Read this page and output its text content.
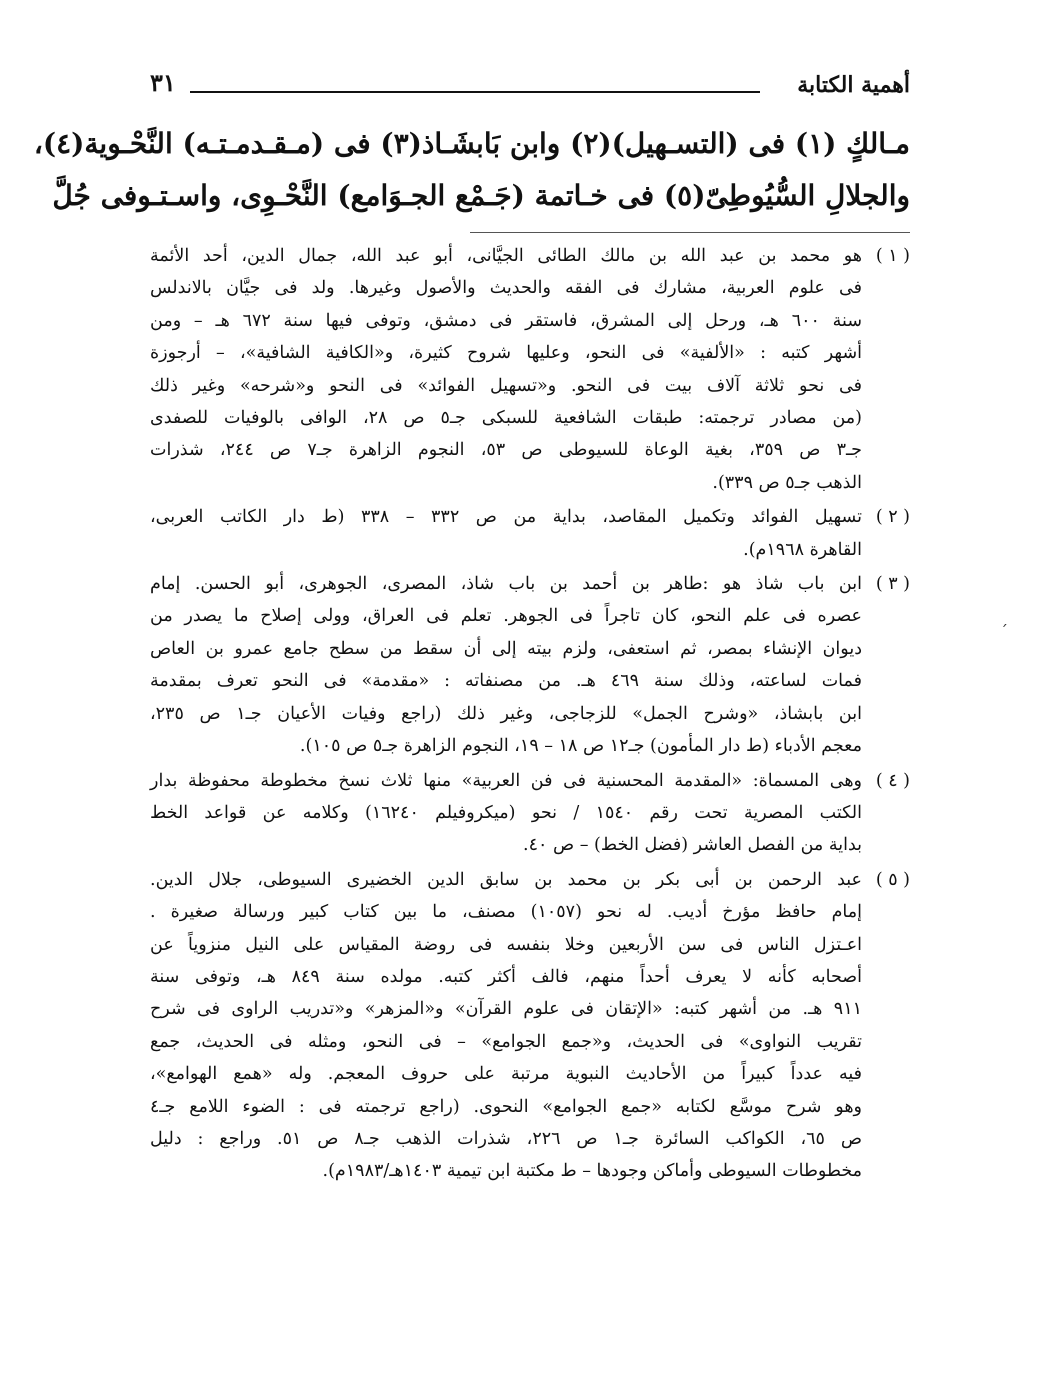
أهمية الكتابة
٣١

مـالكٍ (١) فى (التسـهيل)(٢) وابن بَابشَـاذ(٣) فى (مـقـدمـتـه) النَّحْـوية(٤)،

والجلالِ السُّيُوطِىّ(٥) فى خـاتمة (جَـمْع الجـوَامع) النَّحْـوِى، واسـتـوفى جُلَّ

( ١ )
هو محمد بن عبد الله بن مالك الطائى الجيَّانى، أبو عبد الله، جمال الدين، أحد الأئمة
فى علوم العربية، مشارك فى الفقه والحديث والأصول وغيرها. ولد فى جيَّان بالاندلس
سنة ٦٠٠ هـ، ورحل إلى المشرق، فاستقر فى دمشق، وتوفى فيها سنة ٦٧٢ هـ – ومن
أشهر كتبه : «الألفية» فى النحو، وعليها شروح كثيرة، و«الكافية الشافية»، – أرجوزة
فى نحو ثلاثة آلاف بيت فى النحو. و«تسهيل الفوائد» فى النحو و«شرحه» وغير ذلك
(من مصادر ترجمته: طبقات الشافعية للسبكى جـ٥ ص ٢٨، الوافى بالوفيات للصفدى
جـ٣ ص ٣٥٩، بغية الوعاة للسيوطى ص ٥٣، النجوم الزاهرة جـ٧ ص ٢٤٤، شذرات
الذهب جـ٥ ص ٣٣٩).
( ٢ )
تسهيل الفوائد وتكميل المقاصد، بداية من ص ٣٣٢ – ٣٣٨ (ط دار الكاتب العربى،
القاهرة ١٩٦٨م).
( ٣ )
ابن باب شاذ هو :طاهر بن أحمد بن باب شاذ، المصرى، الجوهرى، أبو الحسن. إمام
عصره فى علم النحو، كان تاجراً فى الجوهر. تعلم فى العراق، وولى إصلاح ما يصدر من
ديوان الإنشاء بمصر، ثم استعفى، ولزم بيته إلى أن سقط من سطح جامع عمرو بن العاص
فمات لساعته، وذلك سنة ٤٦٩ هـ. من مصنفاته : «مقدمة» فى النحو تعرف بمقدمة
ابن بابشاذ، «وشرح الجمل» للزجاجى، وغير ذلك (راجع وفيات الأعيان جـ١ ص ٢٣٥،
معجم الأدباء (ط دار المأمون) جـ١٢ ص ١٨ – ١٩، النجوم الزاهرة جـ٥ ص ١٠٥).
( ٤ )
وهى المسماة: «المقدمة المحسنية فى فن العربية» منها ثلاث نسخ مخطوطة محفوظة بدار
الكتب المصرية تحت رقم ١٥٤٠ / نحو (ميكروفيلم ١٦٢٤٠) وكلامه عن قواعد الخط
بداية من الفصل العاشر (فضل الخط) – ص ٤٠.
( ٥ )
عبد الرحمن بن أبى بكر بن محمد بن سابق الدين الخضيرى السيوطى، جلال الدين.
إمام حافظ مؤرخ أديب. له نحو (١٠٥٧) مصنف، ما بين كتاب كبير ورسالة صغيرة .
اعـتزل الناس فى سن الأربعين وخلا بنفسه فى روضة المقياس على النيل منزوياً عن
أصحابه كأنه لا يعرف أحداً منهم، فالف أكثر كتبه. مولده سنة ٨٤٩ هـ، وتوفى سنة
٩١١ هـ. من أشهر كتبه: «الإتقان فى علوم القرآن» و«المزهر» و«تدريب الراوى فى شرح
تقريب النواوى» فى الحديث، و«جمع الجوامع» – فى النحو، ومثله فى الحديث، جمع
فيه عدداً كبيراً من الأحاديث النبوية مرتبة على حروف المعجم. وله «همع الهوامع»،
وهو شرح موسَّع لكتابه «جمع الجوامع» النحوى. (راجع ترجمته فى : الضوء اللامع جـ٤
ص ٦٥، الكواكب السائرة جـ١ ص ٢٢٦، شذرات الذهب جـ٨ ص ٥١. وراجع : دليل
مخطوطات السيوطى وأماكن وجودها – ط مكتبة ابن تيمية ١٤٠٣هـ/١٩٨٣م).
ˊ
